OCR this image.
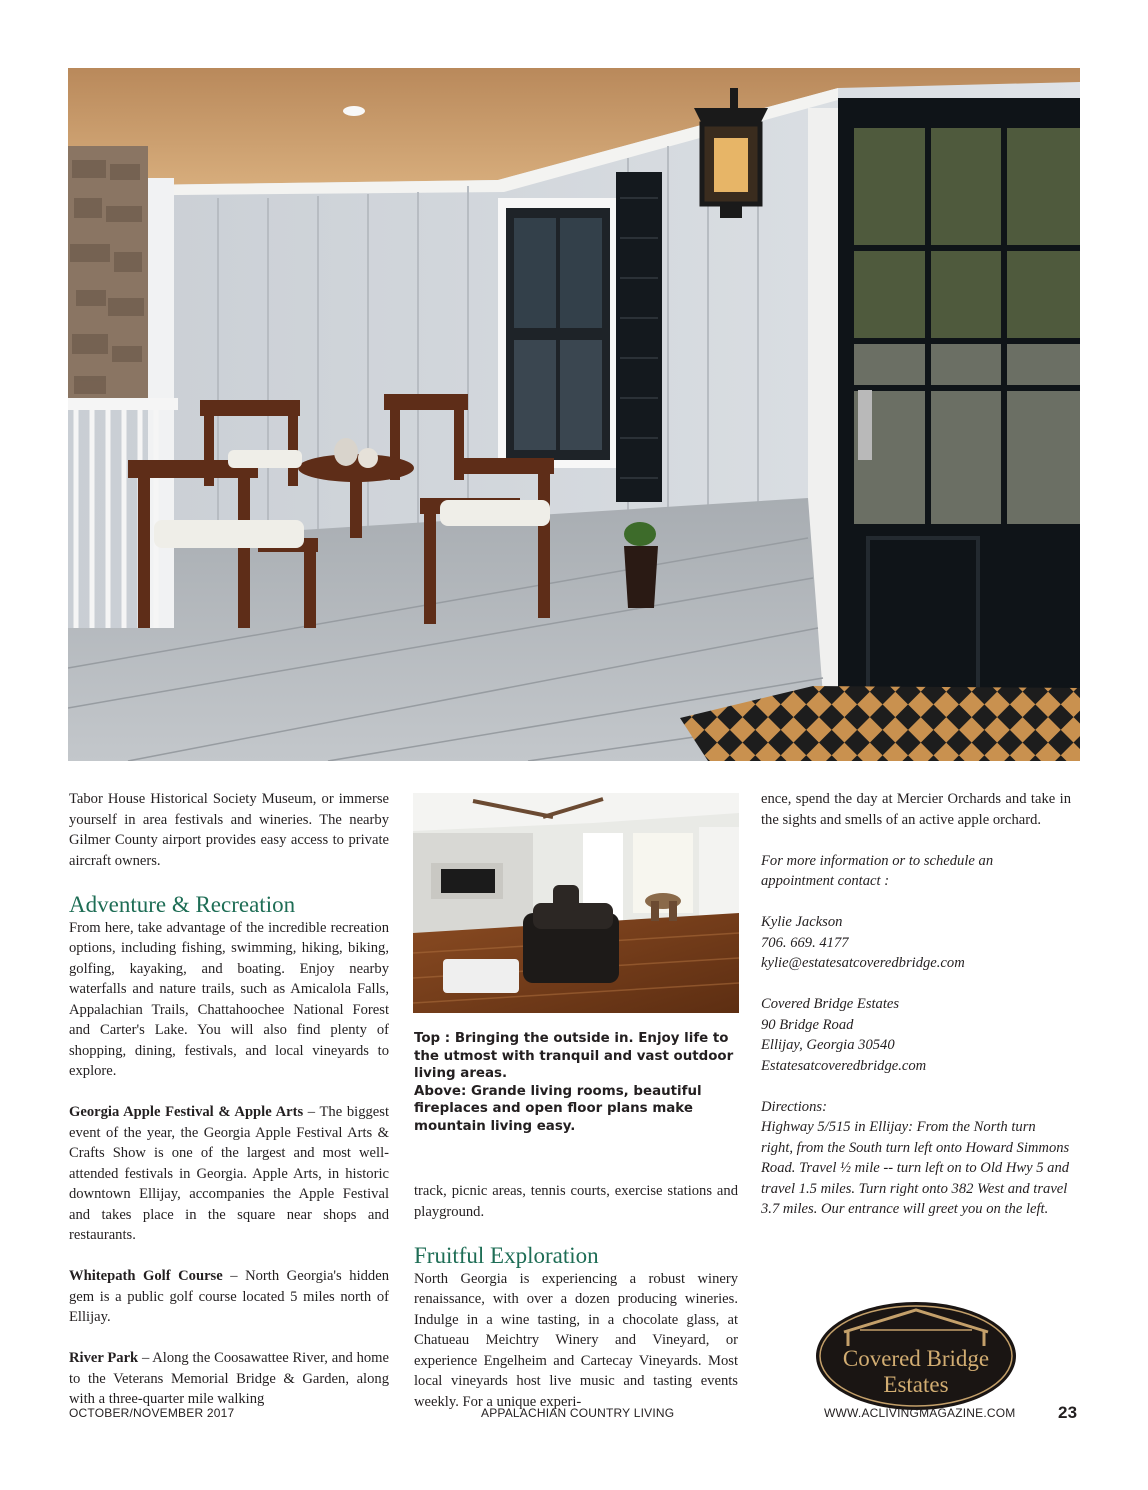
Tabor House Historical Society Museum, or immerse yourself in area festivals and wineries. The nearby Gilmer County airport provides easy access to private aircraft owners.

Adventure & Recreation

From here, take advantage of the incredible recreation options, including fishing, swimming, hiking, biking, golfing, kayaking, and boating. Enjoy nearby waterfalls and nature trails, such as Amicalola Falls, Appalachian Trails, Chattahoochee National Forest and Carter's Lake. You will also find plenty of shopping, dining, festivals, and local vineyards to explore.

Georgia Apple Festival & Apple Arts – The biggest event of the year, the Georgia Apple Festival Arts & Crafts Show is one of the largest and most well-attended festivals in Georgia. Apple Arts, in historic downtown Ellijay, accompanies the Apple Festival and takes place in the square near shops and restaurants.

Whitepath Golf Course – North Georgia's hidden gem is a public golf course located 5 miles north of Ellijay.

River Park – Along the Coosawattee River, and home to the Veterans Memorial Bridge & Garden, along with a three-quarter mile walking

Top : Bringing the outside in. Enjoy life to the utmost with tranquil and vast outdoor living areas.
Above: Grande living rooms, beautiful fireplaces and open floor plans make mountain living easy.

track, picnic areas, tennis courts, exercise stations and playground.

Fruitful Exploration

North Georgia is experiencing a robust winery renaissance, with over a dozen producing wineries. Indulge in a wine tasting, in a chocolate glass, at Chatueau Meichtry Winery and Vineyard, or experience Engelheim and Cartecay Vineyards. Most local vineyards host live music and tasting events weekly. For a unique experi-

ence, spend the day at Mercier Orchards and take in the sights and smells of an active apple orchard.

For more information or to schedule an
appointment contact :

Kylie Jackson
706. 669. 4177
kylie@estatesatcoveredbridge.com

Covered Bridge Estates
90 Bridge Road
Ellijay, Georgia 30540
Estatesatcoveredbridge.com

Directions:
Highway 5/515 in Ellijay: From the North turn right, from the South turn left onto Howard Simmons Road. Travel ½ mile -- turn left on to Old Hwy 5 and travel 1.5 miles. Turn right onto 382 West and travel 3.7 miles. Our entrance will greet you on the left.

Covered Bridge
Estates
OCTOBER/NOVEMBER 2017	APPALACHIAN COUNTRY LIVING	WWW.ACLIVINGMAGAZINE.COM	23
